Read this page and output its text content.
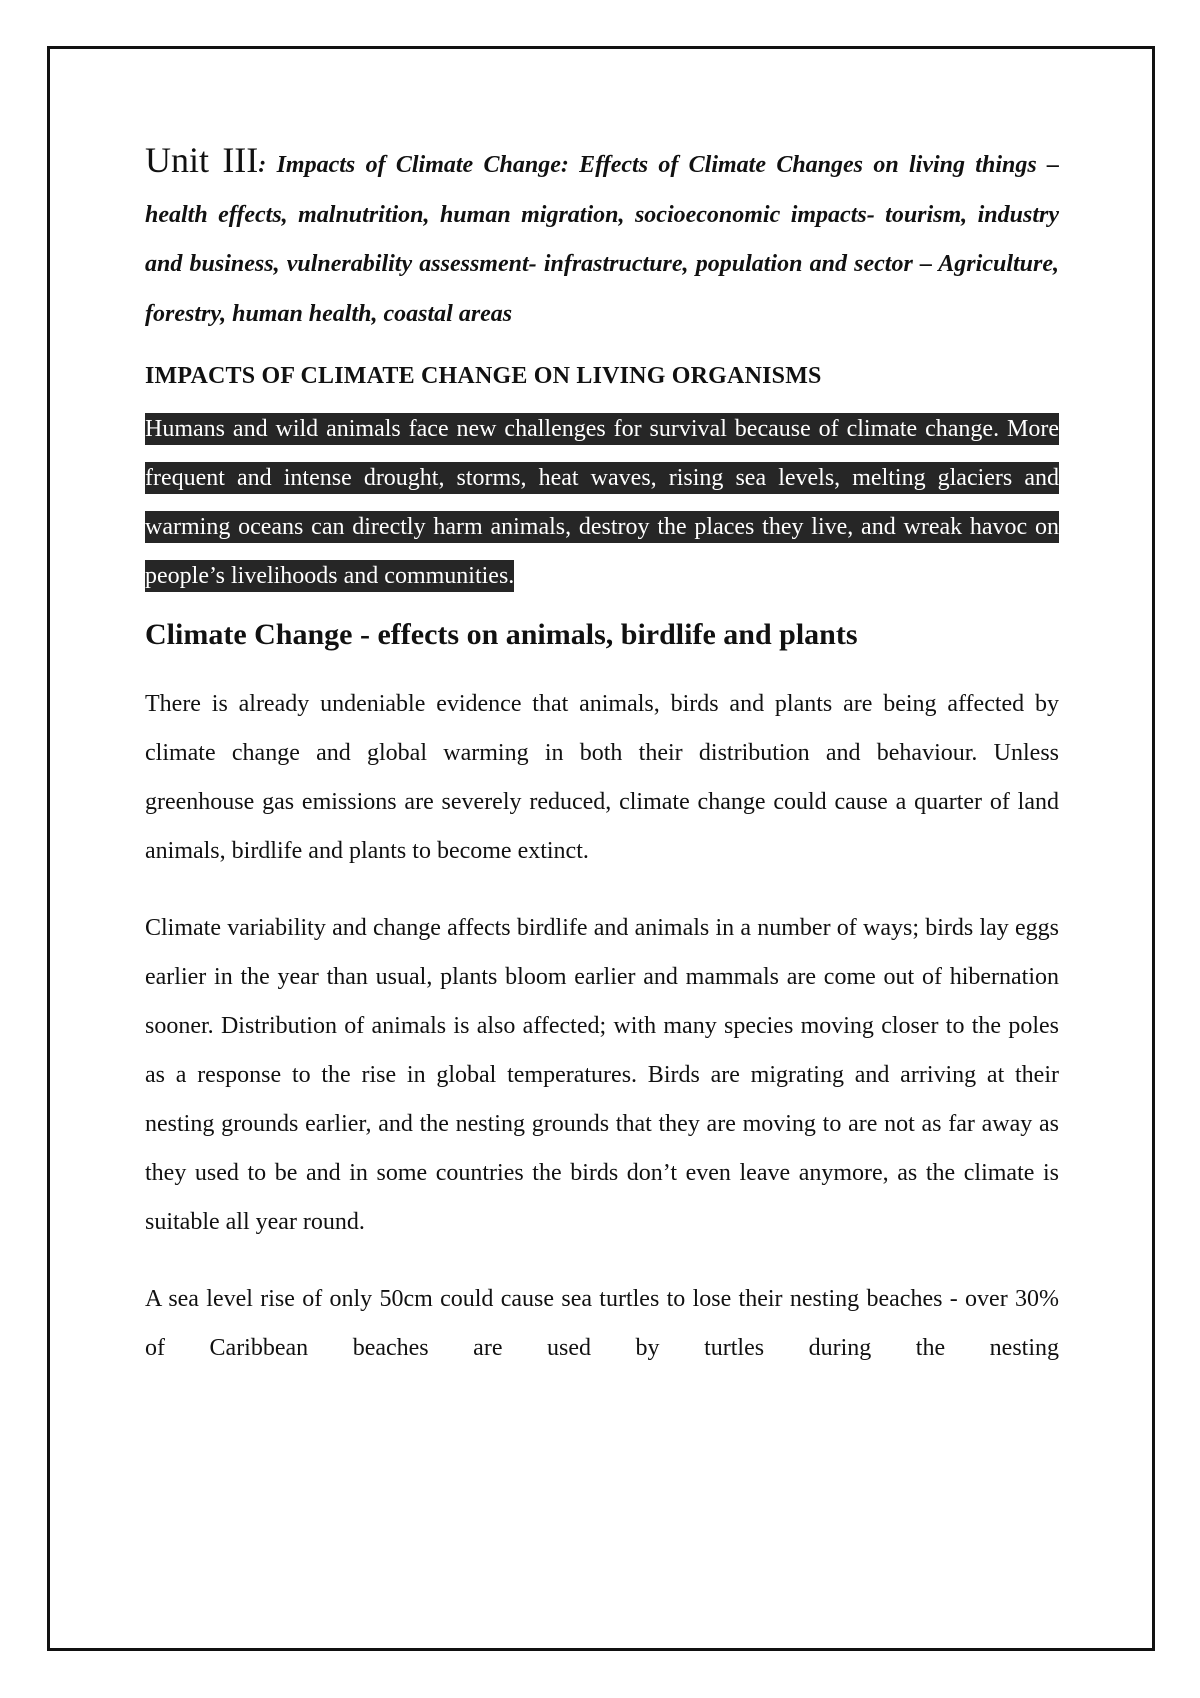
Unit III: Impacts of Climate Change: Effects of Climate Changes on living things – health effects, malnutrition, human migration, socioeconomic impacts- tourism, industry and business, vulnerability assessment- infrastructure, population and sector – Agriculture, forestry, human health, coastal areas

IMPACTS OF CLIMATE CHANGE ON LIVING ORGANISMS

Humans and wild animals face new challenges for survival because of climate change. More frequent and intense drought, storms, heat waves, rising sea levels, melting glaciers and warming oceans can directly harm animals, destroy the places they live, and wreak havoc on people’s livelihoods and communities.

Climate Change - effects on animals, birdlife and plants

There is already undeniable evidence that animals, birds and plants are being affected by climate change and global warming in both their distribution and behaviour. Unless greenhouse gas emissions are severely reduced, climate change could cause a quarter of land animals, birdlife and plants to become extinct.

Climate variability and change affects birdlife and animals in a number of ways; birds lay eggs earlier in the year than usual, plants bloom earlier and mammals are come out of hibernation sooner. Distribution of animals is also affected; with many species moving closer to the poles as a response to the rise in global temperatures. Birds are migrating and arriving at their nesting grounds earlier, and the nesting grounds that they are moving to are not as far away as they used to be and in some countries the birds don’t even leave anymore, as the climate is suitable all year round.

A sea level rise of only 50cm could cause sea turtles to lose their nesting beaches - over 30% of Caribbean beaches are used by turtles during the nesting
